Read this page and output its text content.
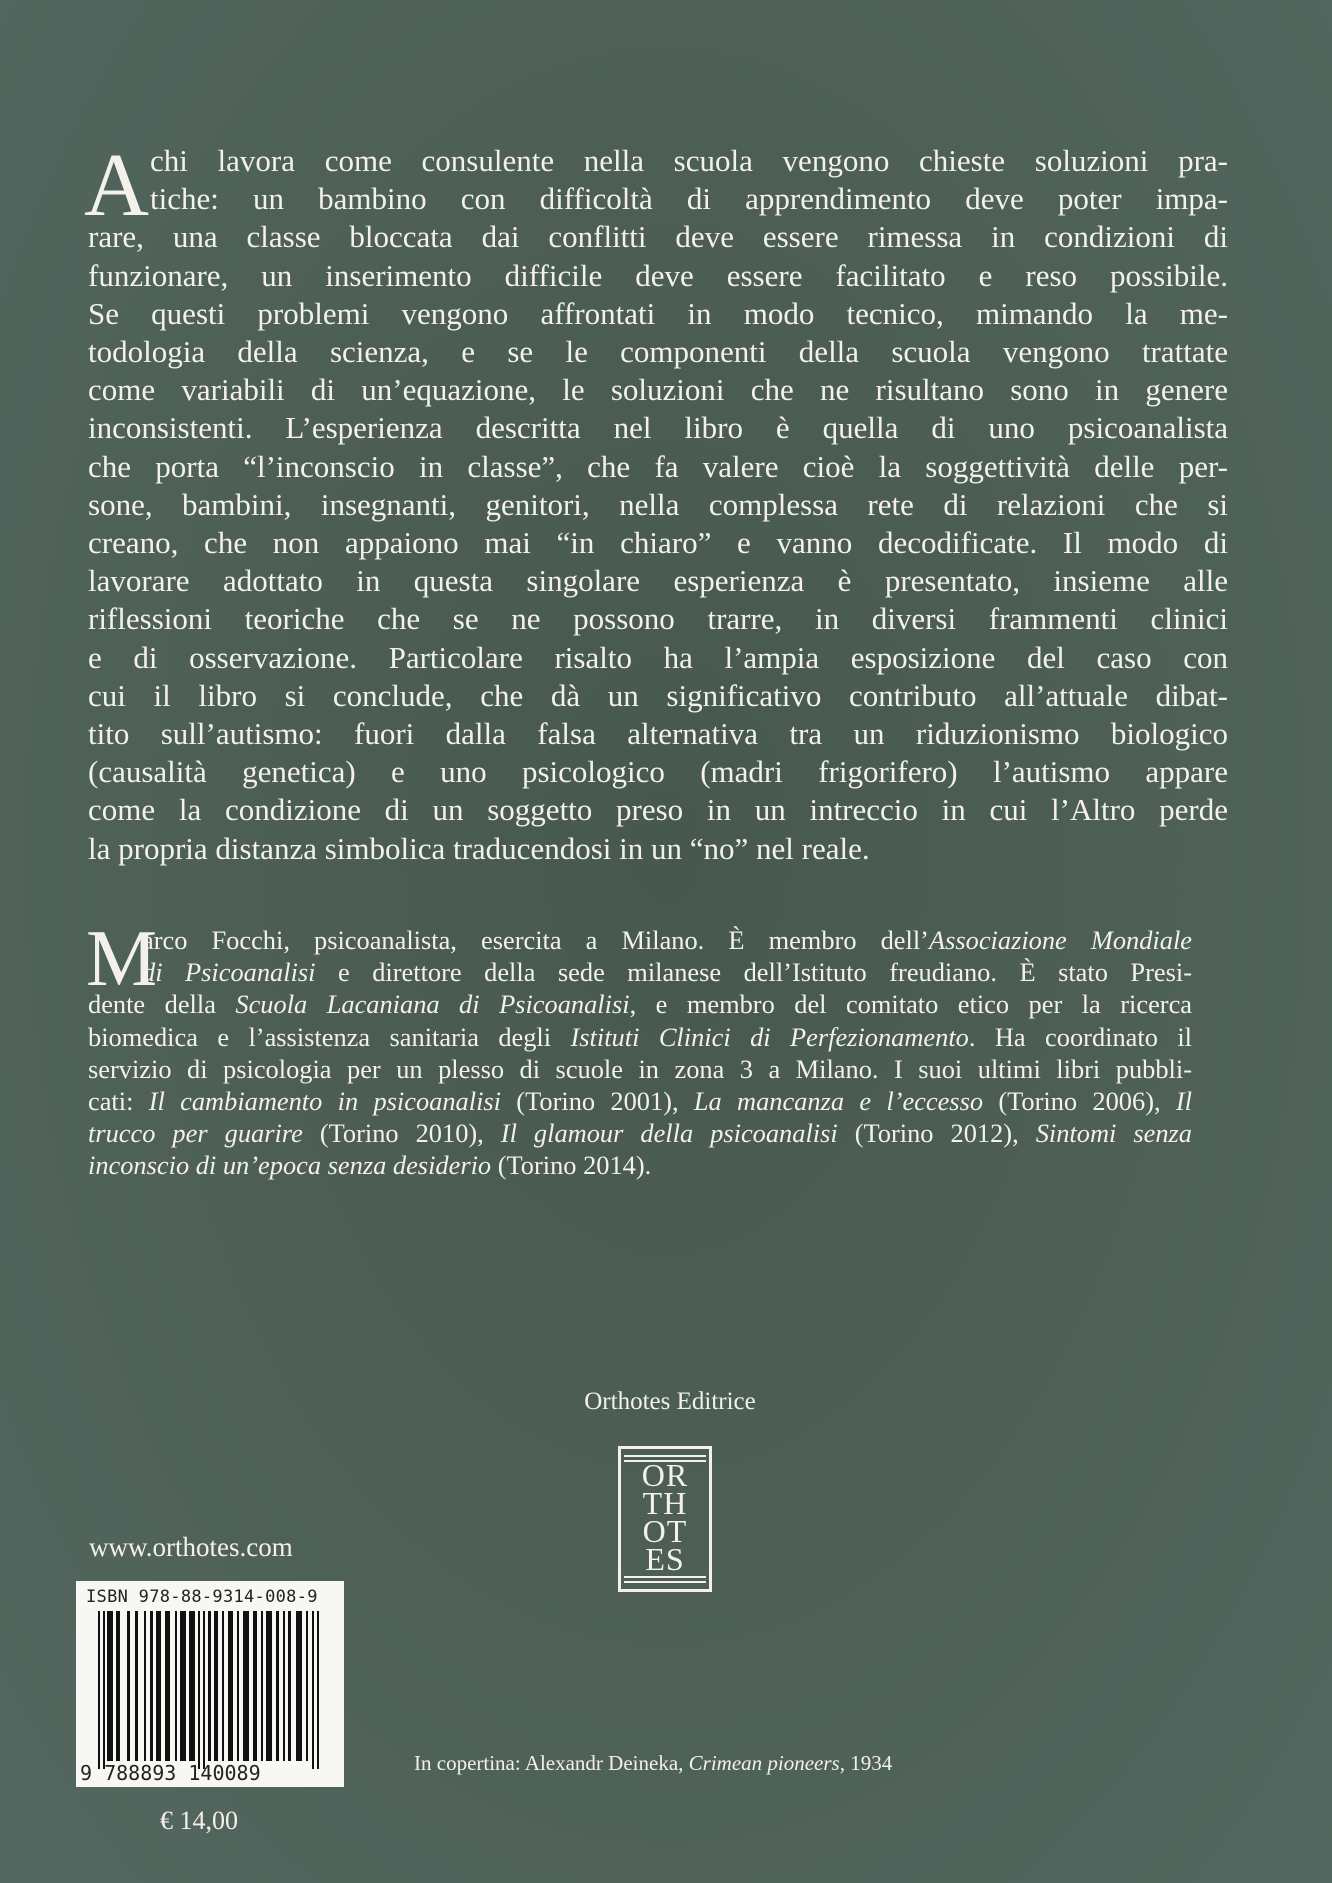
A chi lavora come consulente nella scuola vengono chieste soluzioni pra-
tiche: un bambino con difficoltà di apprendimento deve poter impa-
rare, una classe bloccata dai conflitti deve essere rimessa in condizioni di
funzionare, un inserimento difficile deve essere facilitato e reso possibile.
Se questi problemi vengono affrontati in modo tecnico, mimando la me-
todologia della scienza, e se le componenti della scuola vengono trattate
come variabili di un’equazione, le soluzioni che ne risultano sono in genere
inconsistenti. L’esperienza descritta nel libro è quella di uno psicoanalista
che porta “l’inconscio in classe”, che fa valere cioè la soggettività delle per-
sone, bambini, insegnanti, genitori, nella complessa rete di relazioni che si
creano, che non appaiono mai “in chiaro” e vanno decodificate. Il modo di
lavorare adottato in questa singolare esperienza è presentato, insieme alle
riflessioni teoriche che se ne possono trarre, in diversi frammenti clinici
e di osservazione. Particolare risalto ha l’ampia esposizione del caso con
cui il libro si conclude, che dà un significativo contributo all’attuale dibat-
tito sull’autismo: fuori dalla falsa alternativa tra un riduzionismo biologico
(causalità genetica) e uno psicologico (madri frigorifero) l’autismo appare
come la condizione di un soggetto preso in un intreccio in cui l’Altro perde
la propria distanza simbolica traducendosi in un “no” nel reale.
M
arco Focchi, psicoanalista, esercita a Milano. È membro dell’Associazione Mondiale
di Psicoanalisi e direttore della sede milanese dell’Istituto freudiano. È stato Presi-
dente della Scuola Lacaniana di Psicoanalisi, e membro del comitato etico per la ricerca
biomedica e l’assistenza sanitaria degli Istituti Clinici di Perfezionamento. Ha coordinato il
servizio di psicologia per un plesso di scuole in zona 3 a Milano. I suoi ultimi libri pubbli-
cati: Il cambiamento in psicoanalisi (Torino 2001), La mancanza e l’eccesso (Torino 2006), Il
trucco per guarire (Torino 2010), Il glamour della psicoanalisi (Torino 2012), Sintomi senza
inconscio di un’epoca senza desiderio (Torino 2014).
Orthotes Editrice
OR
TH
OT
ES
www.orthotes.com
ISBN 978-88-9314-008-9
9 788893 140089
€ 14,00
In copertina: Alexandr Deineka, Crimean pioneers, 1934
